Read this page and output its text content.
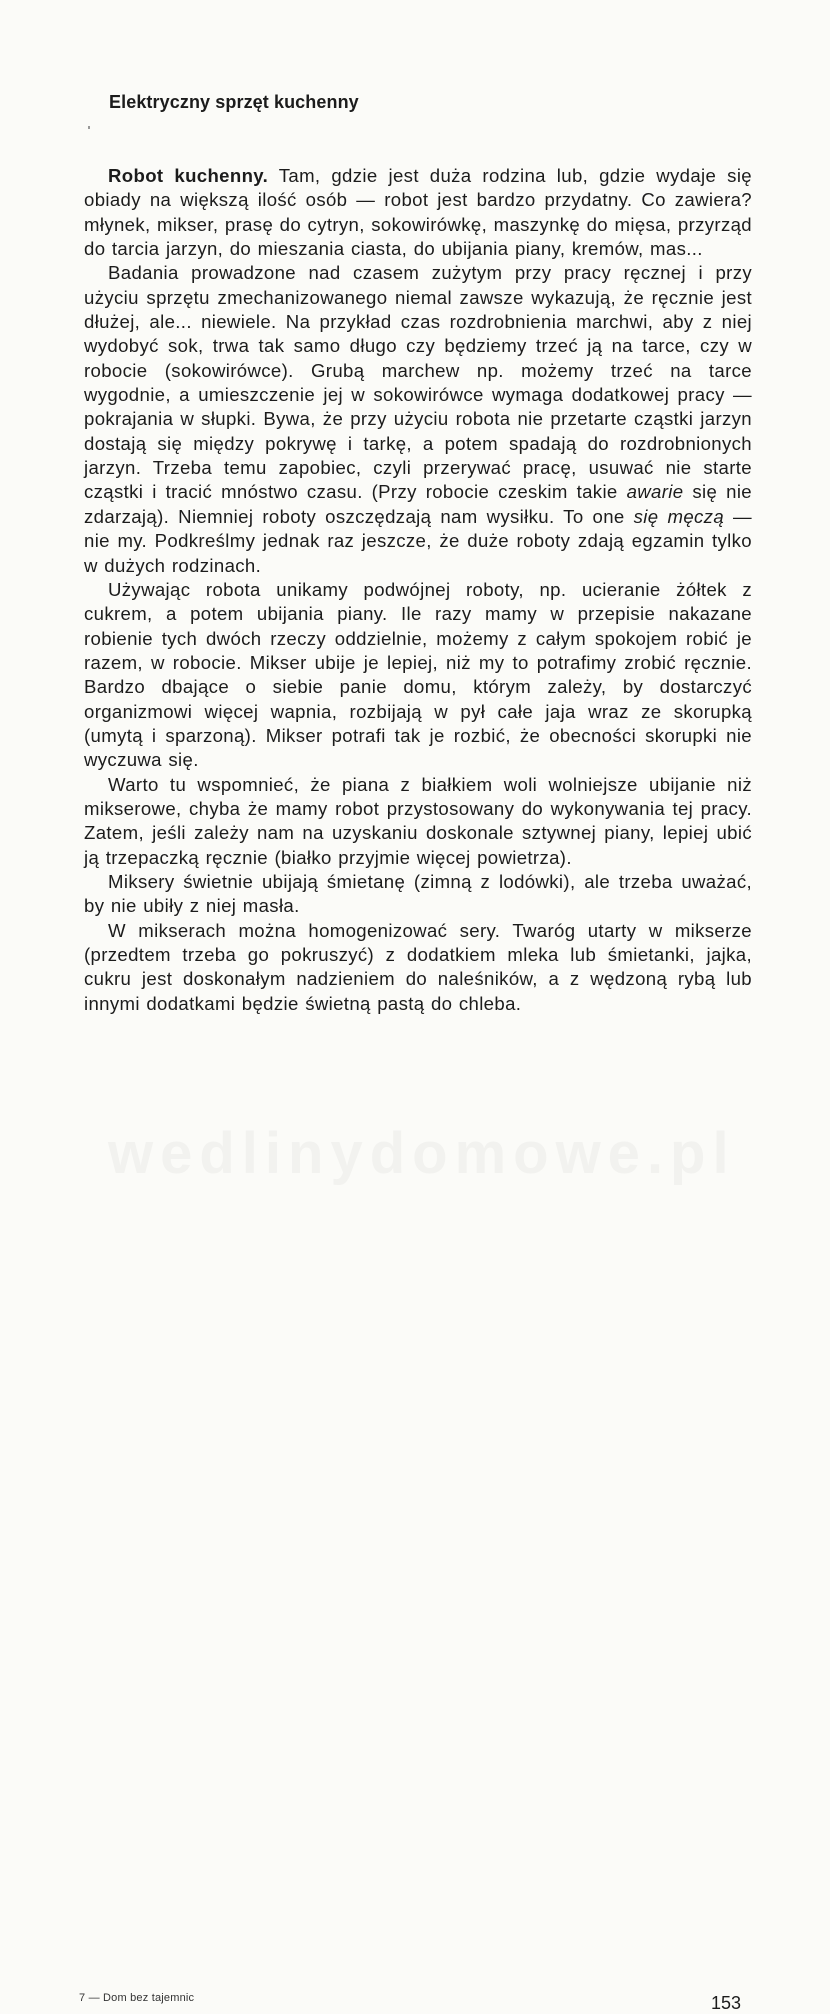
wedlinydomowe.pl
Elektryczny sprzęt kuchenny

Robot kuchenny. Tam, gdzie jest duża rodzina lub, gdzie wydaje się obiady na większą ilość osób — robot jest bardzo przydatny. Co zawiera? młynek, mikser, prasę do cytryn, sokowirówkę, maszynkę do mięsa, przyrząd do tarcia jarzyn, do mieszania ciasta, do ubijania piany, kremów, mas...

Badania prowadzone nad czasem zużytym przy pracy ręcznej i przy użyciu sprzętu zmechanizowanego niemal zawsze wykazują, że ręcznie jest dłużej, ale... niewiele. Na przykład czas rozdrobnienia marchwi, aby z niej wydobyć sok, trwa tak samo długo czy będziemy trzeć ją na tarce, czy w robocie (sokowirówce). Grubą marchew np. możemy trzeć na tarce wygodnie, a umieszczenie jej w sokowirówce wymaga dodatkowej pracy — pokrajania w słupki. Bywa, że przy użyciu robota nie przetarte cząstki jarzyn dostają się między pokrywę i tarkę, a potem spadają do rozdrobnionych jarzyn. Trzeba temu zapobiec, czyli przerywać pracę, usuwać nie starte cząstki i tracić mnóstwo czasu. (Przy robocie czeskim takie awarie się nie zdarzają). Niemniej roboty oszczędzają nam wysiłku. To one się męczą — nie my. Podkreślmy jednak raz jeszcze, że duże roboty zdają egzamin tylko w dużych rodzinach.

Używając robota unikamy podwójnej roboty, np. ucieranie żółtek z cukrem, a potem ubijania piany. Ile razy mamy w przepisie nakazane robienie tych dwóch rzeczy oddzielnie, możemy z całym spokojem robić je razem, w robocie. Mikser ubije je lepiej, niż my to potrafimy zrobić ręcznie. Bardzo dbające o siebie panie domu, którym zależy, by dostarczyć organizmowi więcej wapnia, rozbijają w pył całe jaja wraz ze skorupką (umytą i sparzoną). Mikser potrafi tak je rozbić, że obecności skorupki nie wyczuwa się.

Warto tu wspomnieć, że piana z białkiem woli wolniejsze ubijanie niż mikserowe, chyba że mamy robot przystosowany do wykonywania tej pracy. Zatem, jeśli zależy nam na uzyskaniu doskonale sztywnej piany, lepiej ubić ją trzepaczką ręcznie (białko przyjmie więcej powietrza).

Miksery świetnie ubijają śmietanę (zimną z lodówki), ale trzeba uważać, by nie ubiły z niej masła.

W mikserach można homogenizować sery. Twaróg utarty w mikserze (przedtem trzeba go pokruszyć) z dodatkiem mleka lub śmietanki, jajka, cukru jest doskonałym nadzieniem do naleśników, a z wędzoną rybą lub innymi dodatkami będzie świetną pastą do chleba.

7 — Dom bez tajemnic	153
